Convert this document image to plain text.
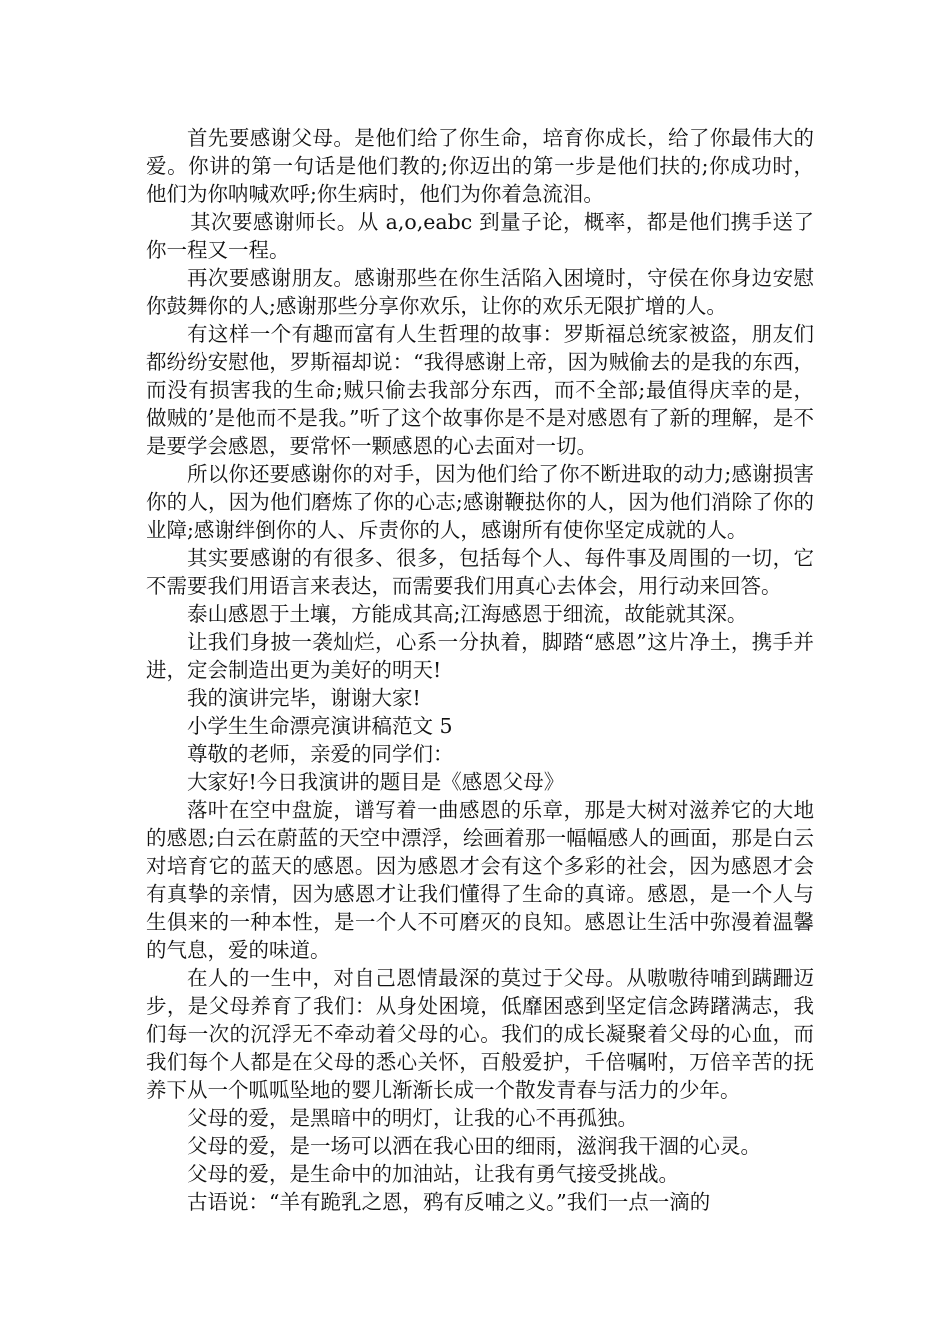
首先要感谢父母。是他们给了你生命，培育你成长，给了你最伟大的爱。你讲的第一句话是他们教的;你迈出的第一步是他们扶的;你成功时，他们为你呐喊欢呼;你生病时，他们为你着急流泪。

其次要感谢师长。从 a,o,eabc 到量子论，概率，都是他们携手送了你一程又一程。

再次要感谢朋友。感谢那些在你生活陷入困境时，守侯在你身边安慰你鼓舞你的人;感谢那些分享你欢乐，让你的欢乐无限扩增的人。

有这样一个有趣而富有人生哲理的故事：罗斯福总统家被盗，朋友们都纷纷安慰他，罗斯福却说：“我得感谢上帝，因为贼偷去的是我的东西，而没有损害我的生命;贼只偷去我部分东西，而不全部;最值得庆幸的是，做贼的’是他而不是我。”听了这个故事你是不是对感恩有了新的理解，是不是要学会感恩，要常怀一颗感恩的心去面对一切。

所以你还要感谢你的对手，因为他们给了你不断进取的动力;感谢损害你的人，因为他们磨炼了你的心志;感谢鞭挞你的人，因为他们消除了你的业障;感谢绊倒你的人、斥责你的人，感谢所有使你坚定成就的人。

其实要感谢的有很多、很多，包括每个人、每件事及周围的一切，它不需要我们用语言来表达，而需要我们用真心去体会，用行动来回答。

泰山感恩于土壤，方能成其高;江海感恩于细流，故能就其深。

让我们身披一袭灿烂，心系一分执着，脚踏“感恩”这片净土，携手并进，定会制造出更为美好的明天!

我的演讲完毕，谢谢大家!

小学生生命漂亮演讲稿范文 5

尊敬的老师，亲爱的同学们：

大家好!今日我演讲的题目是《感恩父母》

落叶在空中盘旋，谱写着一曲感恩的乐章，那是大树对滋养它的大地的感恩;白云在蔚蓝的天空中漂浮，绘画着那一幅幅感人的画面，那是白云对培育它的蓝天的感恩。因为感恩才会有这个多彩的社会，因为感恩才会有真挚的亲情，因为感恩才让我们懂得了生命的真谛。感恩，是一个人与生俱来的一种本性，是一个人不可磨灭的良知。感恩让生活中弥漫着温馨的气息，爱的味道。

在人的一生中，对自己恩情最深的莫过于父母。从嗷嗷待哺到蹒跚迈步，是父母养育了我们：从身处困境，低靡困惑到坚定信念踌躇满志，我们每一次的沉浮无不牵动着父母的心。我们的成长凝聚着父母的心血，而我们每个人都是在父母的悉心关怀，百般爱护，千倍嘱咐，万倍辛苦的抚养下从一个呱呱坠地的婴儿渐渐长成一个散发青春与活力的少年。

父母的爱，是黑暗中的明灯，让我的心不再孤独。

父母的爱，是一场可以洒在我心田的细雨，滋润我干涸的心灵。

父母的爱，是生命中的加油站，让我有勇气接受挑战。

古语说：“羊有跪乳之恩，鸦有反哺之义。”我们一点一滴的
